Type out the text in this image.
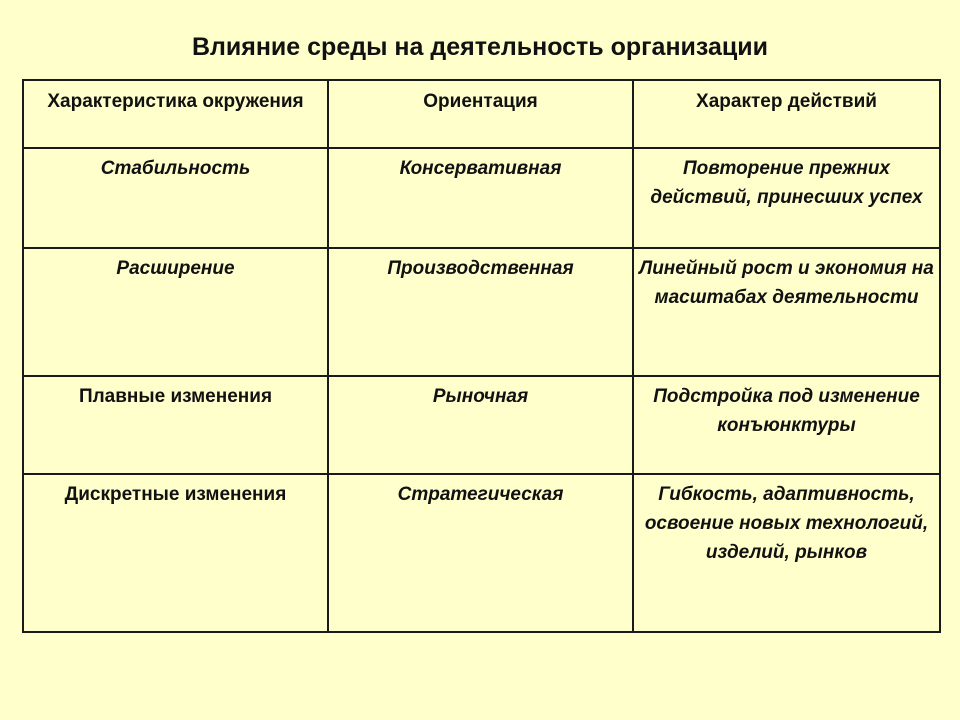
Влияние среды на деятельность организации
Характеристика окружения	Ориентация	Характер действий

Стабильность	Консервативная	Повторение прежних действий, принесших успех

Расширение	Производственная	Линейный рост и экономия на масштабах деятельности

Плавные изменения	Рыночная	Подстройка под изменение конъюнктуры

Дискретные изменения	Стратегическая	Гибкость, адаптивность, освоение новых технологий, изделий, рынков
